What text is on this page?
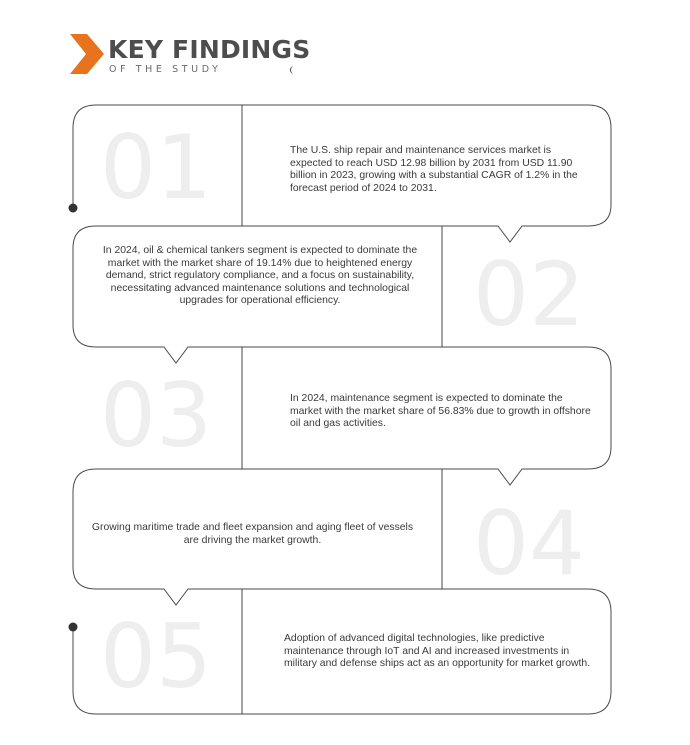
KEY FINDINGS
OF THE STUDY
01	The U.S. ship repair and maintenance services market is expected to reach USD 12.98 billion by 2031 from USD 11.90 billion in 2023, growing with a substantial CAGR of 1.2% in the forecast period of 2024 to 2031.

02

In 2024, oil & chemical tankers segment is expected to dominate the market with the market share of 19.14% due to heightened energy demand, strict regulatory compliance, and a focus on sustainability, necessitating advanced maintenance solutions and technological upgrades for operational efficiency.

03	In 2024, maintenance segment is expected to dominate the market with the market share of 56.83% due to growth in offshore oil and gas activities.

04

Growing maritime trade and fleet expansion and aging fleet of vessels are driving the market growth.

05	Adoption of advanced digital technologies, like predictive maintenance through IoT and AI and increased investments in military and defense ships act as an opportunity for market growth.
